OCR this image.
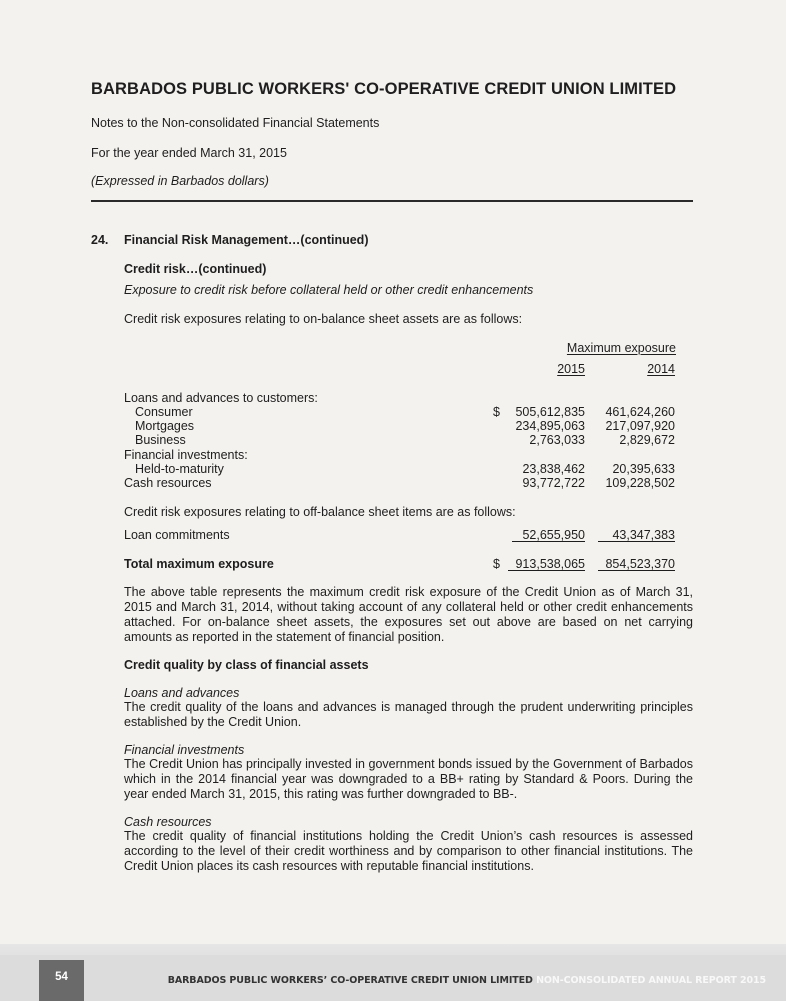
BARBADOS PUBLIC WORKERS' CO-OPERATIVE CREDIT UNION LIMITED
Notes to the Non-consolidated Financial Statements
For the year ended March 31, 2015
(Expressed in Barbados dollars)
24. Financial Risk Management…(continued)
Credit risk…(continued)
Exposure to credit risk before collateral held or other credit enhancements
Credit risk exposures relating to on-balance sheet assets are as follows:
Maximum exposure
2015	2014
Loans and advances to customers:
Consumer	$ 505,612,835 461,624,260
Mortgages	234,895,063 217,097,920
Business	2,763,033	2,829,672
Financial investments:
Held-to-maturity	23,838,462 20,395,633
Cash resources	93,772,722 109,228,502
Credit risk exposures relating to off-balance sheet items are as follows:
Loan commitments	52,655,950 43,347,383
Total maximum exposure	$ 913,538,065 854,523,370
The above table represents the maximum credit risk exposure of the Credit Union as of March 31, 2015 and March 31, 2014, without taking account of any collateral held or other credit enhancements attached. For on-balance sheet assets, the exposures set out above are based on net carrying amounts as reported in the statement of financial position.
Credit quality by class of financial assets
Loans and advances
The credit quality of the loans and advances is managed through the prudent underwriting principles established by the Credit Union.
Financial investments
The Credit Union has principally invested in government bonds issued by the Government of Barbados which in the 2014 financial year was downgraded to a BB+ rating by Standard & Poors. During the year ended March 31, 2015, this rating was further downgraded to BB-.
Cash resources
The credit quality of financial institutions holding the Credit Union’s cash resources is assessed according to the level of their credit worthiness and by comparison to other financial institutions. The Credit Union places its cash resources with reputable financial institutions.
54	BARBADOS PUBLIC WORKERS’ CO-OPERATIVE CREDIT UNION LIMITED NON-CONSOLIDATED ANNUAL REPORT 2015
